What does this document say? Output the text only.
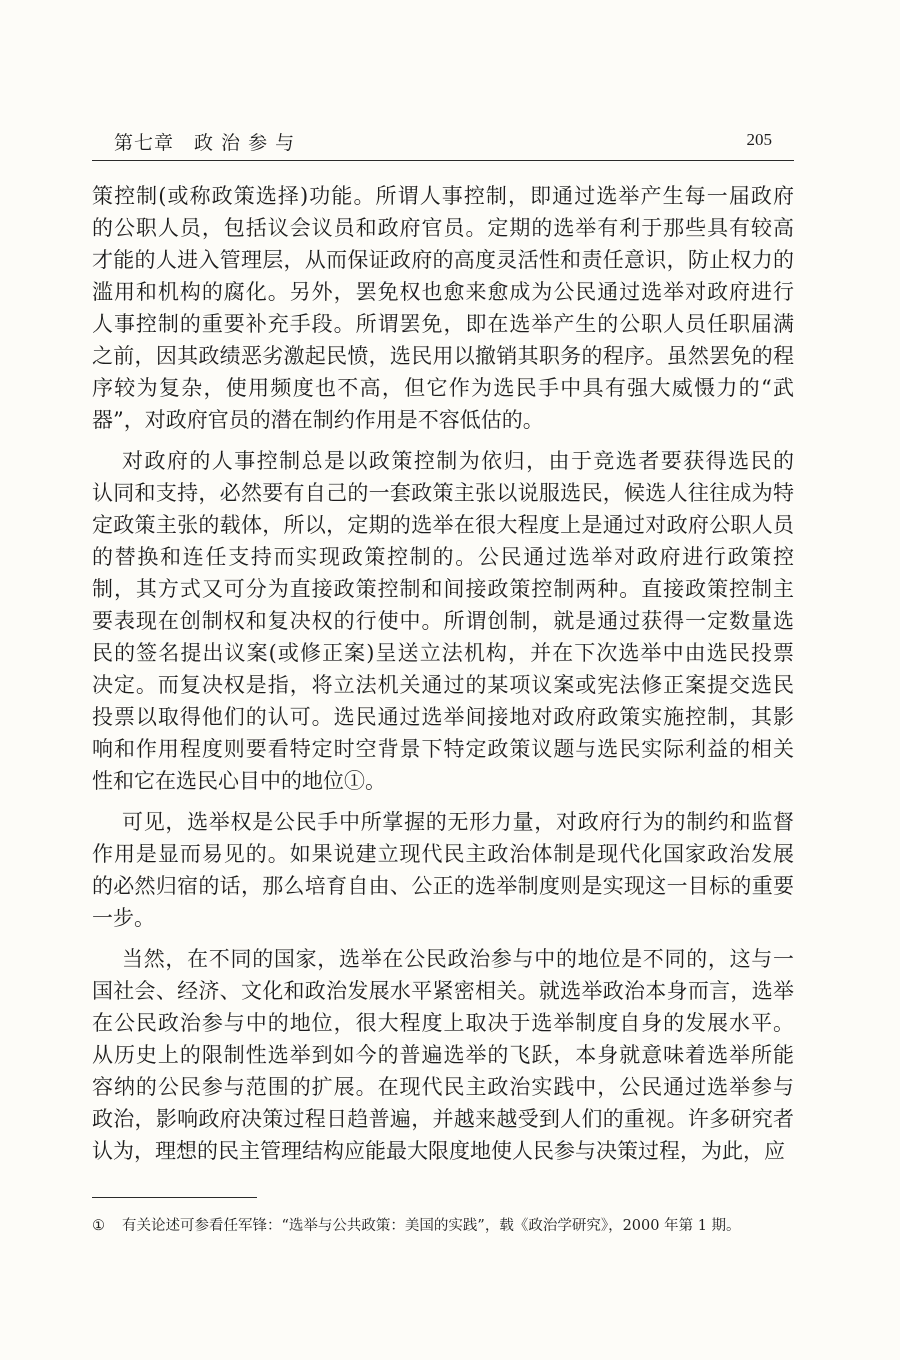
第七章　政 治 参 与	205
策控制(或称政策选择)功能。所谓人事控制，即通过选举产生每一届政府
的公职人员，包括议会议员和政府官员。定期的选举有利于那些具有较高
才能的人进入管理层，从而保证政府的高度灵活性和责任意识，防止权力的
滥用和机构的腐化。另外，罢免权也愈来愈成为公民通过选举对政府进行
人事控制的重要补充手段。所谓罢免，即在选举产生的公职人员任职届满
之前，因其政绩恶劣激起民愤，选民用以撤销其职务的程序。虽然罢免的程
序较为复杂，使用频度也不高，但它作为选民手中具有强大威慑力的“武
器”，对政府官员的潜在制约作用是不容低估的。
对政府的人事控制总是以政策控制为依归，由于竞选者要获得选民的
认同和支持，必然要有自己的一套政策主张以说服选民，候选人往往成为特
定政策主张的载体，所以，定期的选举在很大程度上是通过对政府公职人员
的替换和连任支持而实现政策控制的。公民通过选举对政府进行政策控
制，其方式又可分为直接政策控制和间接政策控制两种。直接政策控制主
要表现在创制权和复决权的行使中。所谓创制，就是通过获得一定数量选
民的签名提出议案(或修正案)呈送立法机构，并在下次选举中由选民投票
决定。而复决权是指，将立法机关通过的某项议案或宪法修正案提交选民
投票以取得他们的认可。选民通过选举间接地对政府政策实施控制，其影
响和作用程度则要看特定时空背景下特定政策议题与选民实际利益的相关
性和它在选民心目中的地位①。
可见，选举权是公民手中所掌握的无形力量，对政府行为的制约和监督
作用是显而易见的。如果说建立现代民主政治体制是现代化国家政治发展
的必然归宿的话，那么培育自由、公正的选举制度则是实现这一目标的重要
一步。
当然，在不同的国家，选举在公民政治参与中的地位是不同的，这与一
国社会、经济、文化和政治发展水平紧密相关。就选举政治本身而言，选举
在公民政治参与中的地位，很大程度上取决于选举制度自身的发展水平。
从历史上的限制性选举到如今的普遍选举的飞跃，本身就意味着选举所能
容纳的公民参与范围的扩展。在现代民主政治实践中，公民通过选举参与
政治，影响政府决策过程日趋普遍，并越来越受到人们的重视。许多研究者
认为，理想的民主管理结构应能最大限度地使人民参与决策过程，为此，应
① 有关论述可参看任军锋：“选举与公共政策：美国的实践”，载《政治学研究》，2000 年第 1 期。
